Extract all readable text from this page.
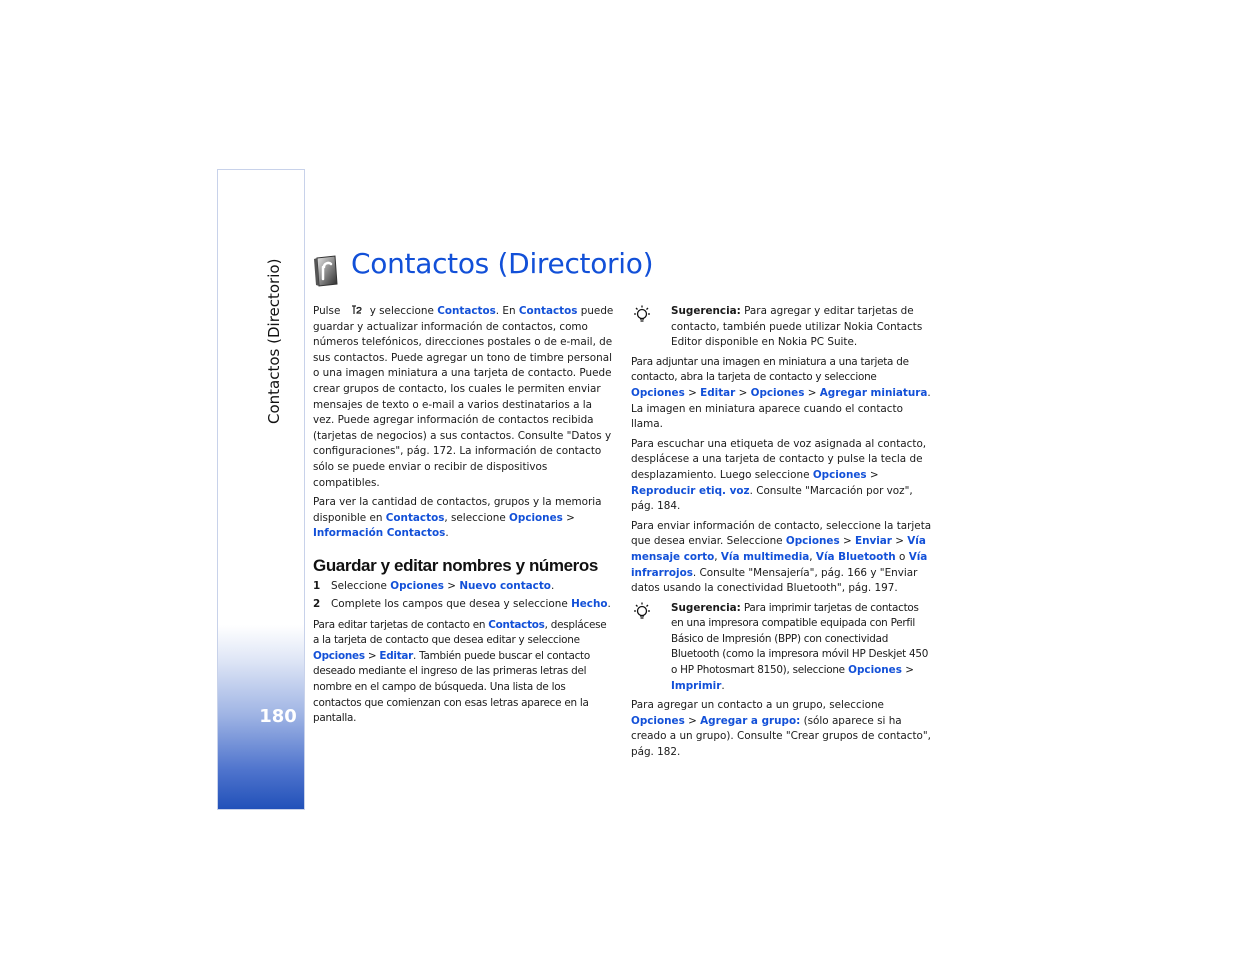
Contactos (Directorio)
180
Contactos (Directorio)

Pulse	y seleccione Contactos. En Contactos puede guardar y actualizar información de contactos, como números telefónicos, direcciones postales o de e-mail, de sus contactos. Puede agregar un tono de timbre personal o una imagen miniatura a una tarjeta de contacto. Puede crear grupos de contacto, los cuales le permiten enviar mensajes de texto o e-mail a varios destinatarios a la vez. Puede agregar información de contactos recibida (tarjetas de negocios) a sus contactos. Consulte "Datos y configuraciones", pág. 172. La información de contacto sólo se puede enviar o recibir de dispositivos compatibles.

Para ver la cantidad de contactos, grupos y la memoria disponible en Contactos, seleccione Opciones > Información Contactos.

Guardar y editar nombres y números
1	Seleccione Opciones > Nuevo contacto.
2	Complete los campos que desea y seleccione Hecho.

Para editar tarjetas de contacto en Contactos, desplácese a la tarjeta de contacto que desea editar y seleccione Opciones > Editar. También puede buscar el contacto deseado mediante el ingreso de las primeras letras del nombre en el campo de búsqueda. Una lista de los contactos que comienzan con esas letras aparece en la pantalla.

Sugerencia: Para agregar y editar tarjetas de contacto, también puede utilizar Nokia Contacts Editor disponible en Nokia PC Suite.

Para adjuntar una imagen en miniatura a una tarjeta de contacto, abra la tarjeta de contacto y seleccione Opciones > Editar > Opciones > Agregar miniatura. La imagen en miniatura aparece cuando el contacto llama.

Para escuchar una etiqueta de voz asignada al contacto, desplácese a una tarjeta de contacto y pulse la tecla de desplazamiento. Luego seleccione Opciones > Reproducir etiq. voz. Consulte "Marcación por voz", pág. 184.

Para enviar información de contacto, seleccione la tarjeta que desea enviar. Seleccione Opciones > Enviar > Vía mensaje corto, Vía multimedia, Vía Bluetooth o Vía infrarrojos. Consulte "Mensajería", pág. 166 y "Enviar datos usando la conectividad Bluetooth", pág. 197.

Sugerencia: Para imprimir tarjetas de contactos en una impresora compatible equipada con Perfil Básico de Impresión (BPP) con conectividad Bluetooth (como la impresora móvil HP Deskjet 450 o HP Photosmart 8150), seleccione Opciones > Imprimir.

Para agregar un contacto a un grupo, seleccione Opciones > Agregar a grupo: (sólo aparece si ha creado a un grupo). Consulte "Crear grupos de contacto", pág. 182.
